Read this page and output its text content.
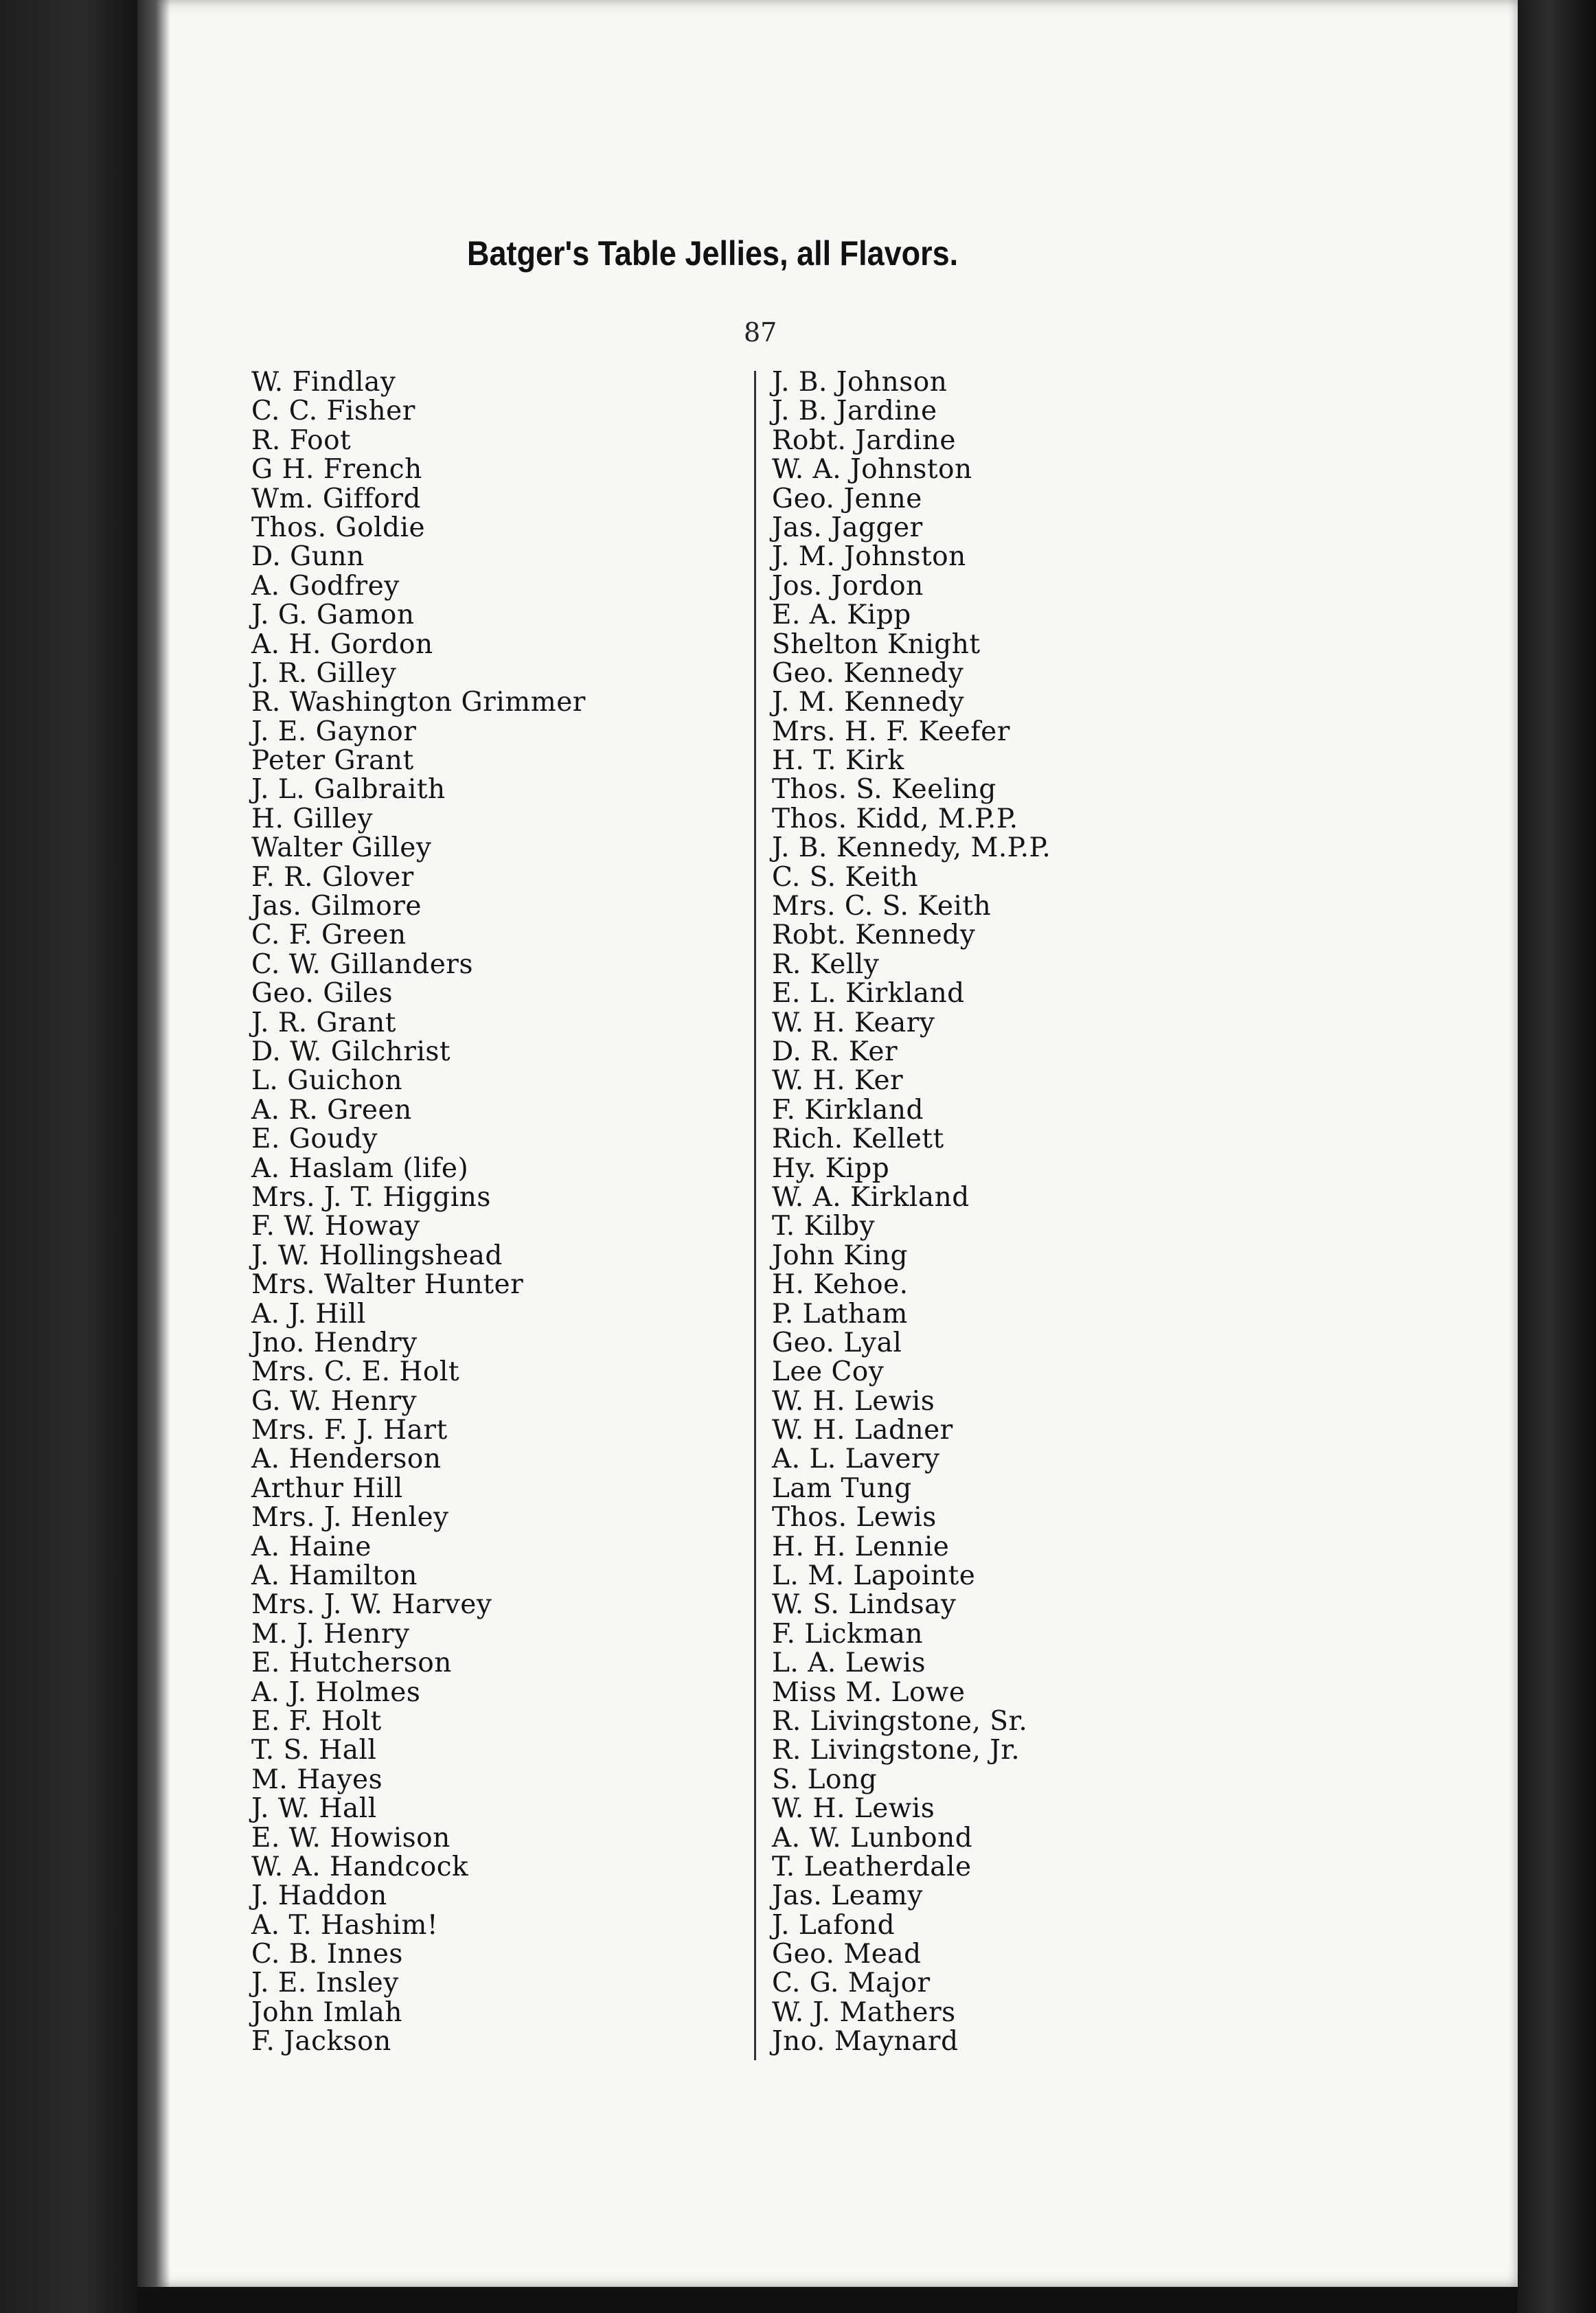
Batger's Table Jellies, all Flavors.
87
W. Findlay
C. C. Fisher
R. Foot
G H. French
Wm. Gifford
Thos. Goldie
D. Gunn
A. Godfrey
J. G. Gamon
A. H. Gordon
J. R. Gilley
R. Washington Grimmer
J. E. Gaynor
Peter Grant
J. L. Galbraith
H. Gilley
Walter Gilley
F. R. Glover
Jas. Gilmore
C. F. Green
C. W. Gillanders
Geo. Giles
J. R. Grant
D. W. Gilchrist
L. Guichon
A. R. Green
E. Goudy
A. Haslam (life)
Mrs. J. T. Higgins
F. W. Howay
J. W. Hollingshead
Mrs. Walter Hunter
A. J. Hill
Jno. Hendry
Mrs. C. E. Holt
G. W. Henry
Mrs. F. J. Hart
A. Henderson
Arthur Hill
Mrs. J. Henley
A. Haine
A. Hamilton
Mrs. J. W. Harvey
M. J. Henry
E. Hutcherson
A. J. Holmes
E. F. Holt
T. S. Hall
M. Hayes
J. W. Hall
E. W. Howison
W. A. Handcock
J. Haddon
A. T. Hashim!
C. B. Innes
J. E. Insley
John Imlah
F. Jackson
J. B. Johnson
J. B. Jardine
Robt. Jardine
W. A. Johnston
Geo. Jenne
Jas. Jagger
J. M. Johnston
Jos. Jordon
E. A. Kipp
Shelton Knight
Geo. Kennedy
J. M. Kennedy
Mrs. H. F. Keefer
H. T. Kirk
Thos. S. Keeling
Thos. Kidd, M.P.P.
J. B. Kennedy, M.P.P.
C. S. Keith
Mrs. C. S. Keith
Robt. Kennedy
R. Kelly
E. L. Kirkland
W. H. Keary
D. R. Ker
W. H. Ker
F. Kirkland
Rich. Kellett
Hy. Kipp
W. A. Kirkland
T. Kilby
John King
H. Kehoe.
P. Latham
Geo. Lyal
Lee Coy
W. H. Lewis
W. H. Ladner
A. L. Lavery
Lam Tung
Thos. Lewis
H. H. Lennie
L. M. Lapointe
W. S. Lindsay
F. Lickman
L. A. Lewis
Miss M. Lowe
R. Livingstone, Sr.
R. Livingstone, Jr.
S. Long
W. H. Lewis
A. W. Lunbond
T. Leatherdale
Jas. Leamy
J. Lafond
Geo. Mead
C. G. Major
W. J. Mathers
Jno. Maynard
